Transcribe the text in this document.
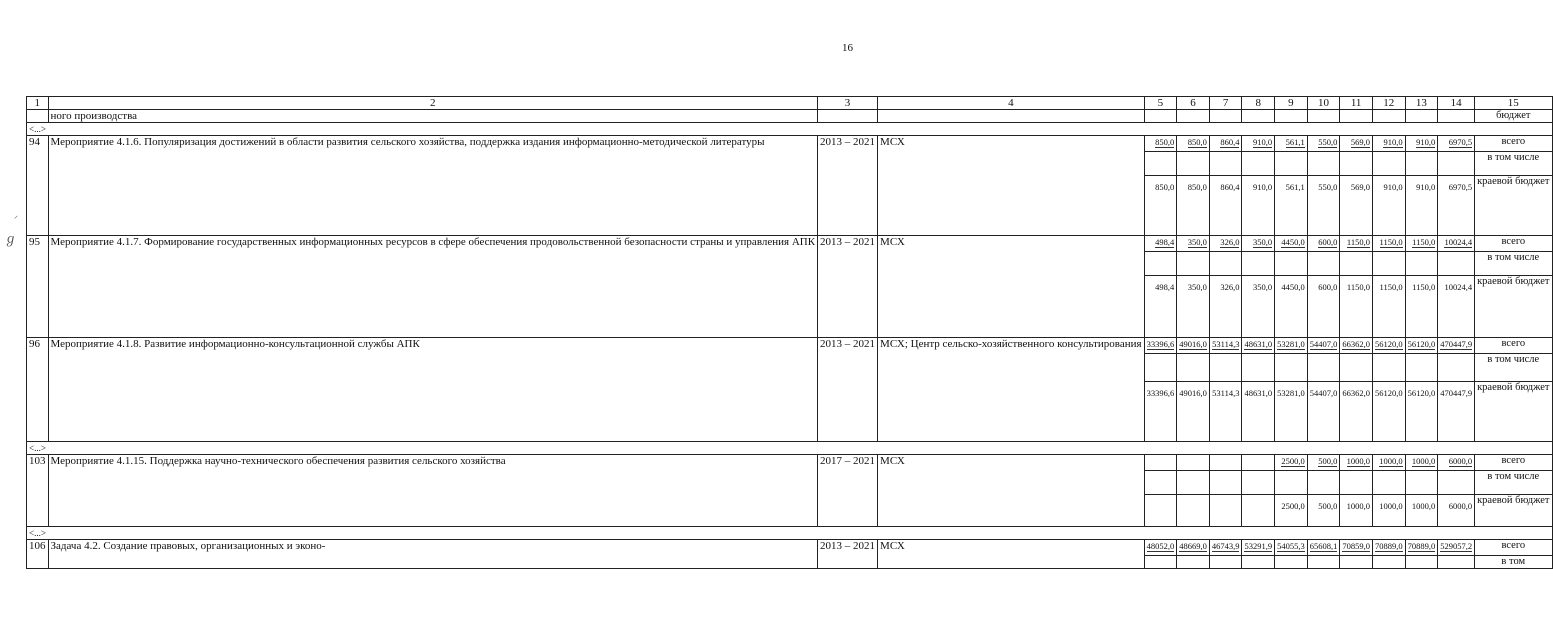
16
ℊ
⸝
1	2	3	4	5	6	7	8	9	10	11	12	13	14	15
	ного производства													бюджет
<...>														
94	Мероприятие 4.1.6. Популяризация достижений в области развития сельского хозяйства, поддержка издания информационно-методической литературы	2013 – 2021	МСХ	850,0	850,0	860,4	910,0	561,1	550,0	569,0	910,0	910,0	6970,5	всего
														в том числе
				850,0	850,0	860,4	910,0	561,1	550,0	569,0	910,0	910,0	6970,5	краевой бюджет
95	Мероприятие 4.1.7. Формирование государственных информационных ресурсов в сфере обеспечения продовольственной безопасности страны и управления АПК	2013 – 2021	МСХ	498,4	350,0	326,0	350,0	4450,0	600,0	1150,0	1150,0	1150,0	10024,4	всего
														в том числе
				498,4	350,0	326,0	350,0	4450,0	600,0	1150,0	1150,0	1150,0	10024,4	краевой бюджет
96	Мероприятие 4.1.8. Развитие информационно-консультационной службы АПК	2013 – 2021	МСХ; Центр сельско-хозяйственного консультирования	33396,6	49016,0	53114,3	48631,0	53281,0	54407,0	66362,0	56120,0	56120,0	470447,9	всего
														в том числе
				33396,6	49016,0	53114,3	48631,0	53281,0	54407,0	66362,0	56120,0	56120,0	470447,9	краевой бюджет
<...>														
103	Мероприятие 4.1.15. Поддержка научно-технического обеспечения развития сельского хозяйства	2017 – 2021	МСХ					2500,0	500,0	1000,0	1000,0	1000,0	6000,0	всего
														в том числе
								2500,0	500,0	1000,0	1000,0	1000,0	6000,0	краевой бюджет
<...>														
106	Задача 4.2. Создание правовых, организационных и эконо-	2013 – 2021	МСХ	48052,0	48669,0	46743,9	53291,9	54055,3	65608,1	70859,0	70889,0	70889,0	529057,2	всего
														в том
